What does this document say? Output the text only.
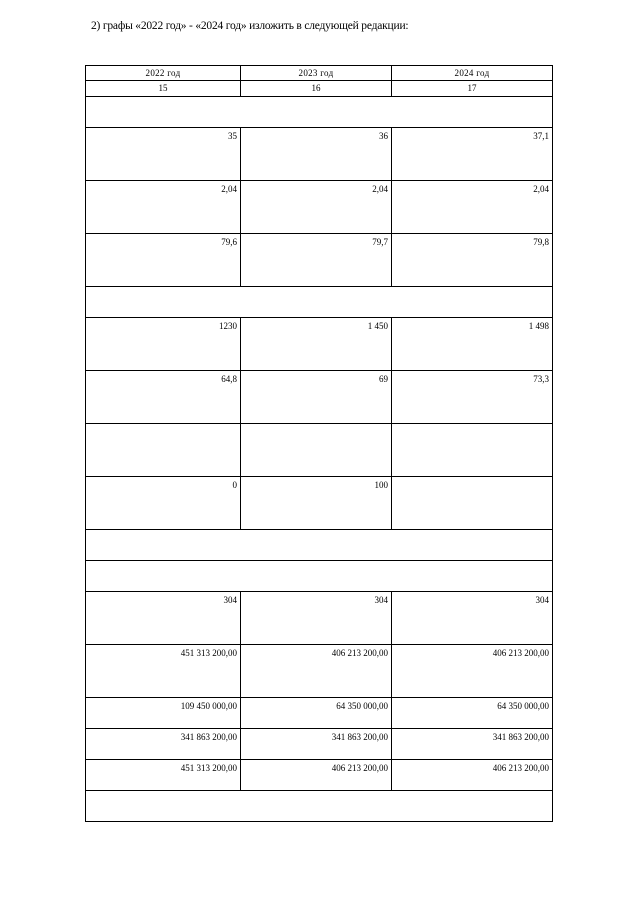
2) графы «2022 год» - «2024 год» изложить в следующей редакции:
2022 год	2023 год	2024 год
15	16	17

35	36	37,1
2,04	2,04	2,04
79,6	79,7	79,8

1230	1 450	1 498
64,8	69	73,3

0	100	

304	304	304
451 313 200,00	406 213 200,00	406 213 200,00
109 450 000,00	64 350 000,00	64 350 000,00
341 863 200,00	341 863 200,00	341 863 200,00
451 313 200,00	406 213 200,00	406 213 200,00
